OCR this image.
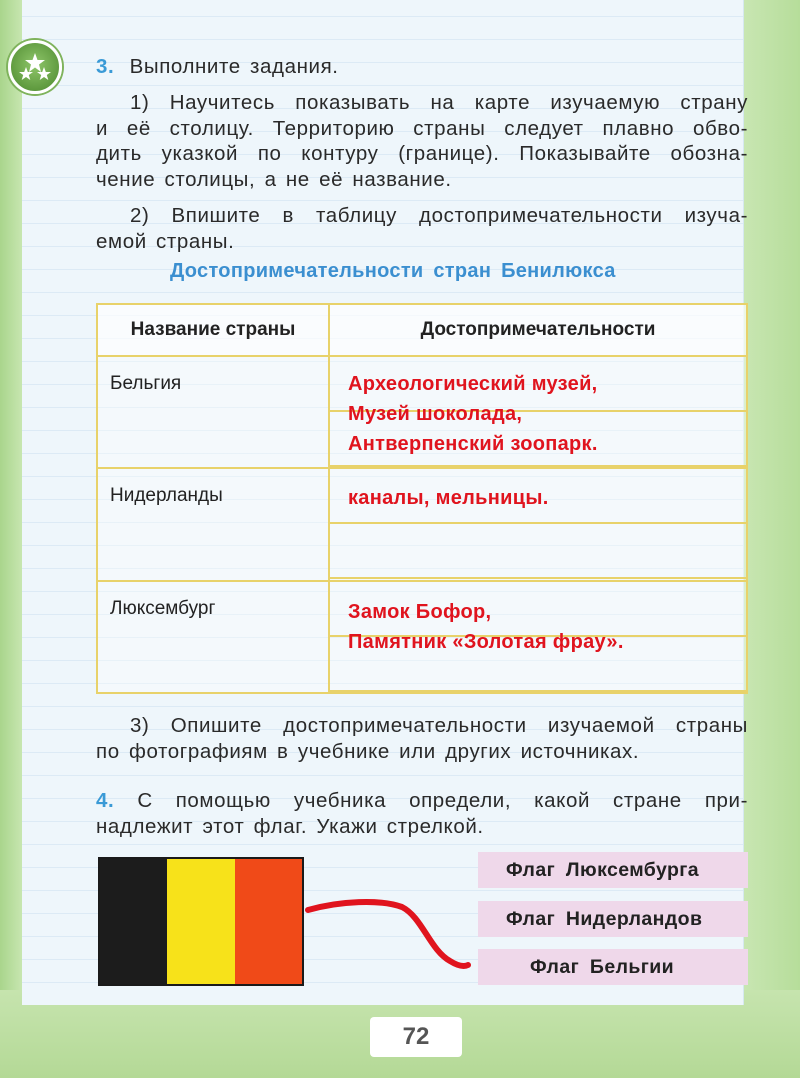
3. Выполните задания.
1) Научитесь показывать на карте изучаемую страну
и её столицу. Территорию страны следует плавно обво-
дить указкой по контуру (границе). Показывайте обозна-
чение столицы, а не её название.
2) Впишите в таблицу достопримечательности изуча-
емой страны.
Достопримечательности стран Бенилюкса
Название страны	Достопримечательности
Бельгия	Археологический музей,
Музей шоколада,
Антверпенский зоопарк.

Нидерланды	каналы, мельницы.

Люксембург	Замок Бофор,
Памятник «Золотая фрау».
3) Опишите достопримечательности изучаемой страны
по фотографиям в учебнике или других источниках.
4. С помощью учебника определи, какой стране при-
надлежит этот флаг. Укажи стрелкой.
Флаг Люксембурга
Флаг Нидерландов
Флаг Бельгии
72
